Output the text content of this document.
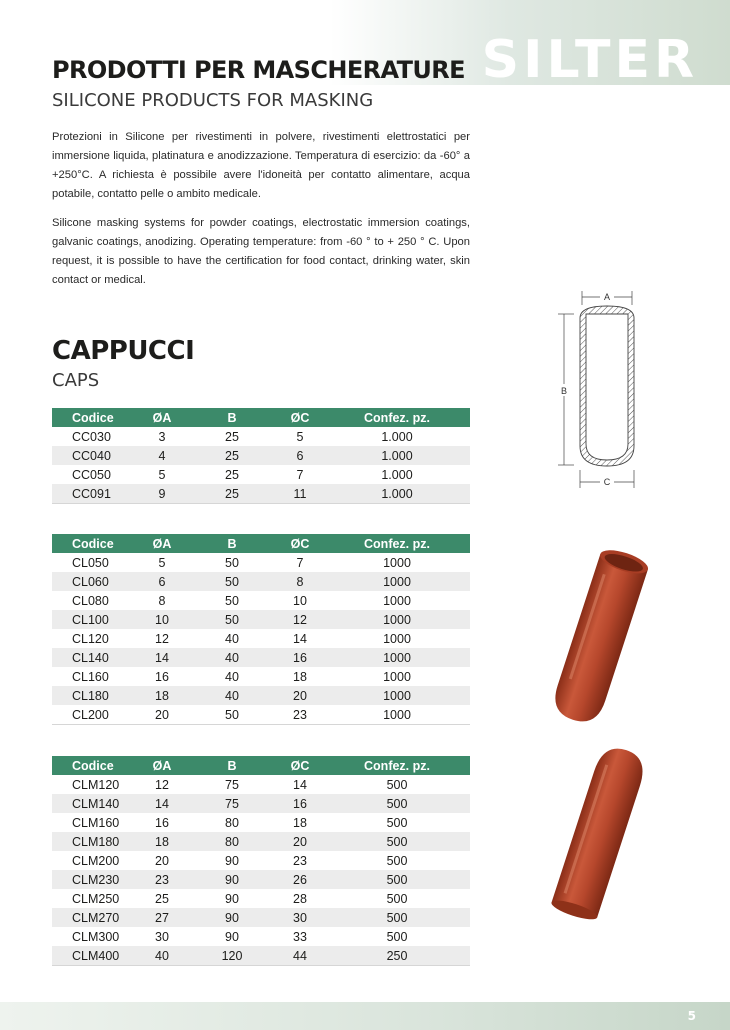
SILTER
PRODOTTI PER MASCHERATURE
SILICONE PRODUCTS FOR MASKING

Protezioni in Silicone per rivestimenti in polvere, rivestimenti elettrostatici per immersione liquida, platinatura e anodizzazione. Temperatura di esercizio: da -60° a +250°C. A richiesta è possibile avere l'idoneità per contatto alimentare, acqua potabile, contatto pelle o ambito medicale.

Silicone masking systems for powder coatings, electrostatic immersion coatings, galvanic coatings, anodizing. Operating temperature: from -60 ° to + 250 ° C. Upon request, it is possible to have the certification for food contact, drinking water, skin contact or medical.

CAPPUCCI
CAPS
Codice	ØA	B	ØC	Confez. pz.
CC030	3	25	5	1.000
CC040	4	25	6	1.000
CC050	5	25	7	1.000
CC091	9	25	11	1.000
Codice	ØA	B	ØC	Confez. pz.
CL050	5	50	7	1000
CL060	6	50	8	1000
CL080	8	50	10	1000
CL100	10	50	12	1000
CL120	12	40	14	1000
CL140	14	40	16	1000
CL160	16	40	18	1000
CL180	18	40	20	1000
CL200	20	50	23	1000
Codice	ØA	B	ØC	Confez. pz.
CLM120	12	75	14	500
CLM140	14	75	16	500
CLM160	16	80	18	500
CLM180	18	80	20	500
CLM200	20	90	23	500
CLM230	23	90	26	500
CLM250	25	90	28	500
CLM270	27	90	30	500
CLM300	30	90	33	500
CLM400	40	120	44	250
A
B
C
5
